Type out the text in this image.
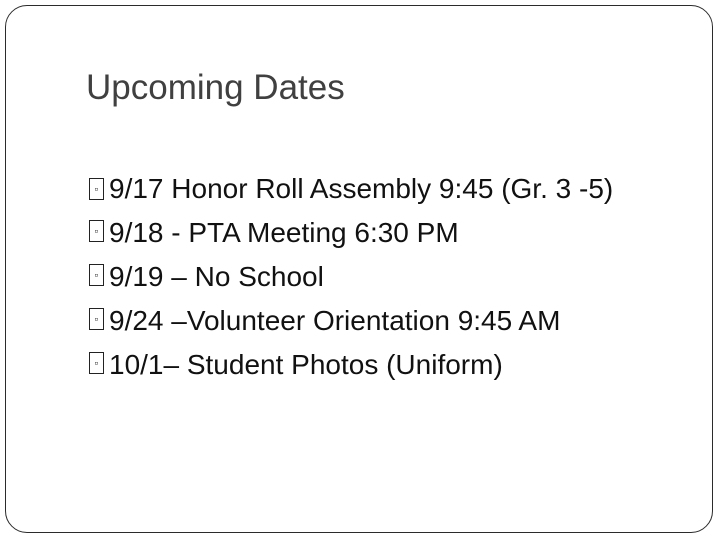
Upcoming Dates
▫ 9/17 Honor Roll Assembly 9:45 (Gr. 3 -5)
▫ 9/18 - PTA Meeting 6:30 PM
▫ 9/19 – No School
▫ 9/24 –Volunteer Orientation 9:45 AM
▫ 10/1– Student Photos (Uniform)
